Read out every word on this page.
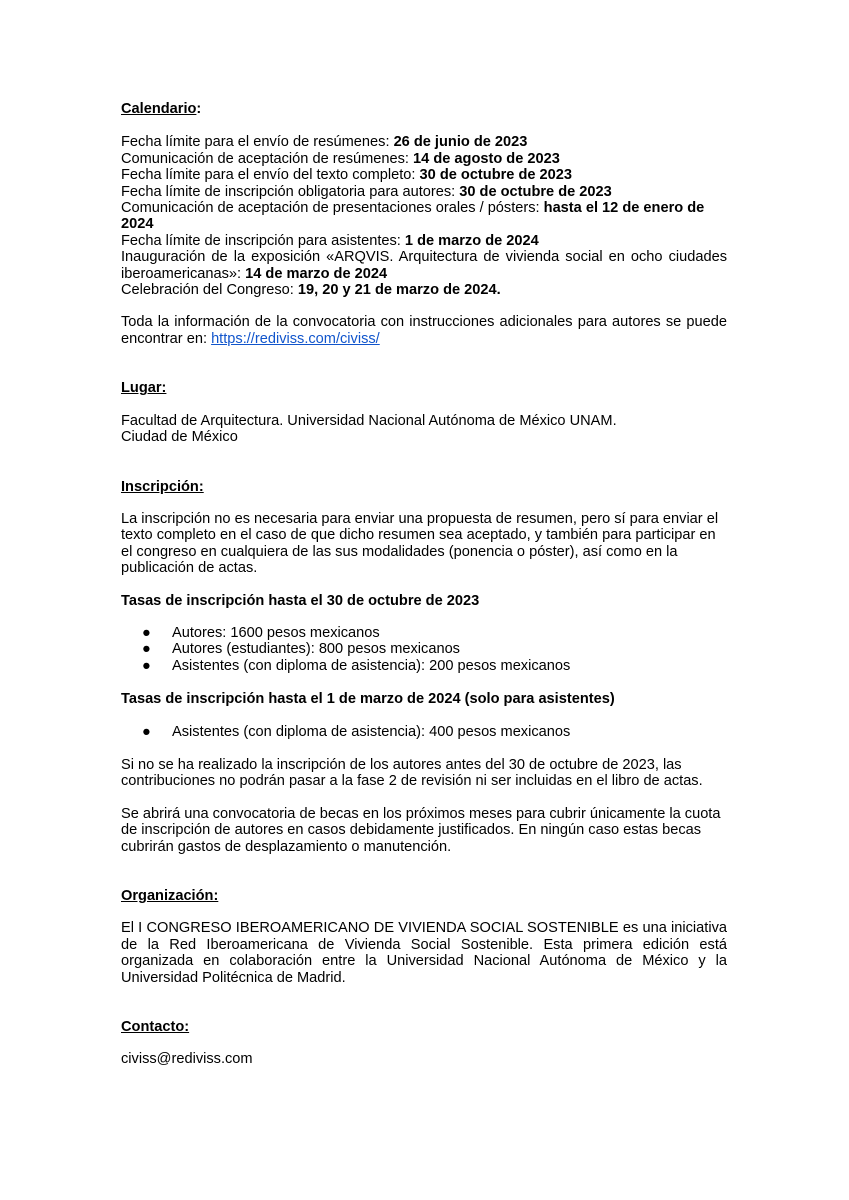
Calendario:

Fecha límite para el envío de resúmenes: 26 de junio de 2023

Comunicación de aceptación de resúmenes: 14 de agosto de 2023

Fecha límite para el envío del texto completo: 30 de octubre de 2023

Fecha límite de inscripción obligatoria para autores: 30 de octubre de 2023

Comunicación de aceptación de presentaciones orales / pósters: hasta el 12 de enero de 2024

Fecha límite de inscripción para asistentes: 1 de marzo de 2024

Inauguración de la exposición «ARQVIS. Arquitectura de vivienda social en ocho ciudades iberoamericanas»: 14 de marzo de 2024

Celebración del Congreso: 19, 20 y 21 de marzo de 2024.

Toda la información de la convocatoria con instrucciones adicionales para autores se puede encontrar en: https://rediviss.com/civiss/

Lugar:

Facultad de Arquitectura. Universidad Nacional Autónoma de México UNAM.

Ciudad de México

Inscripción:

La inscripción no es necesaria para enviar una propuesta de resumen, pero sí para enviar el texto completo en el caso de que dicho resumen sea aceptado, y también para participar en el congreso en cualquiera de las sus modalidades (ponencia o póster), así como en la publicación de actas.

Tasas de inscripción hasta el 30 de octubre de 2023

● Autores: 1600 pesos mexicanos
● Autores (estudiantes): 800 pesos mexicanos
● Asistentes (con diploma de asistencia): 200 pesos mexicanos

Tasas de inscripción hasta el 1 de marzo de 2024 (solo para asistentes)

● Asistentes (con diploma de asistencia): 400 pesos mexicanos

Si no se ha realizado la inscripción de los autores antes del 30 de octubre de 2023, las contribuciones no podrán pasar a la fase 2 de revisión ni ser incluidas en el libro de actas.

Se abrirá una convocatoria de becas en los próximos meses para cubrir únicamente la cuota de inscripción de autores en casos debidamente justificados. En ningún caso estas becas cubrirán gastos de desplazamiento o manutención.

Organización:

El I CONGRESO IBEROAMERICANO DE VIVIENDA SOCIAL SOSTENIBLE es una iniciativa de la Red Iberoamericana de Vivienda Social Sostenible. Esta primera edición está organizada en colaboración entre la Universidad Nacional Autónoma de México y la Universidad Politécnica de Madrid.

Contacto:

civiss@rediviss.com
